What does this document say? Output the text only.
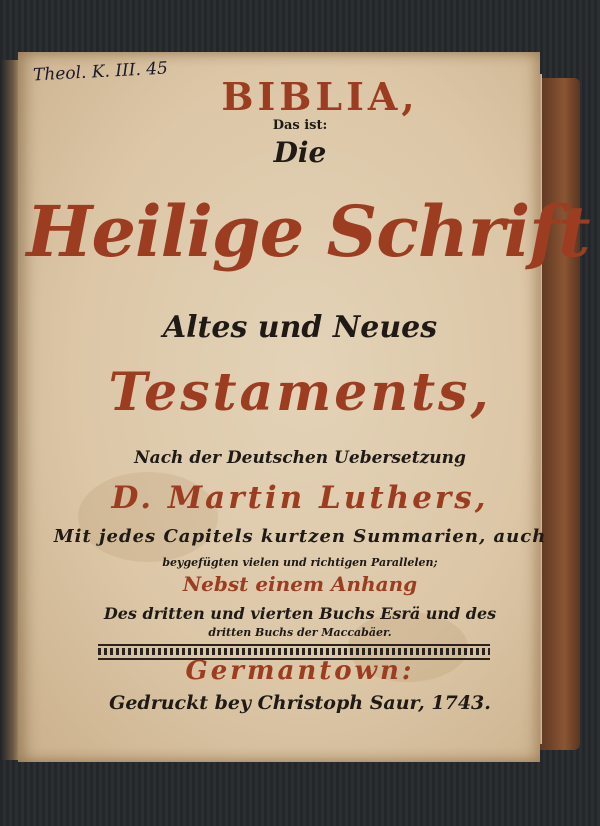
Theol. K. III. 45
BIBLIA,
Das ist:
Die
Heilige Schrift
Altes und Neues
Testaments,
Nach der Deutschen Uebersetzung
D. Martin Luthers,
Mit jedes Capitels kurtzen Summarien, auch
beygefügten vielen und richtigen Parallelen;
Nebst einem Anhang
Des dritten und vierten Buchs Esrä und des
dritten Buchs der Maccabäer.
Germantown:
Gedruckt bey Christoph Saur, 1743.
